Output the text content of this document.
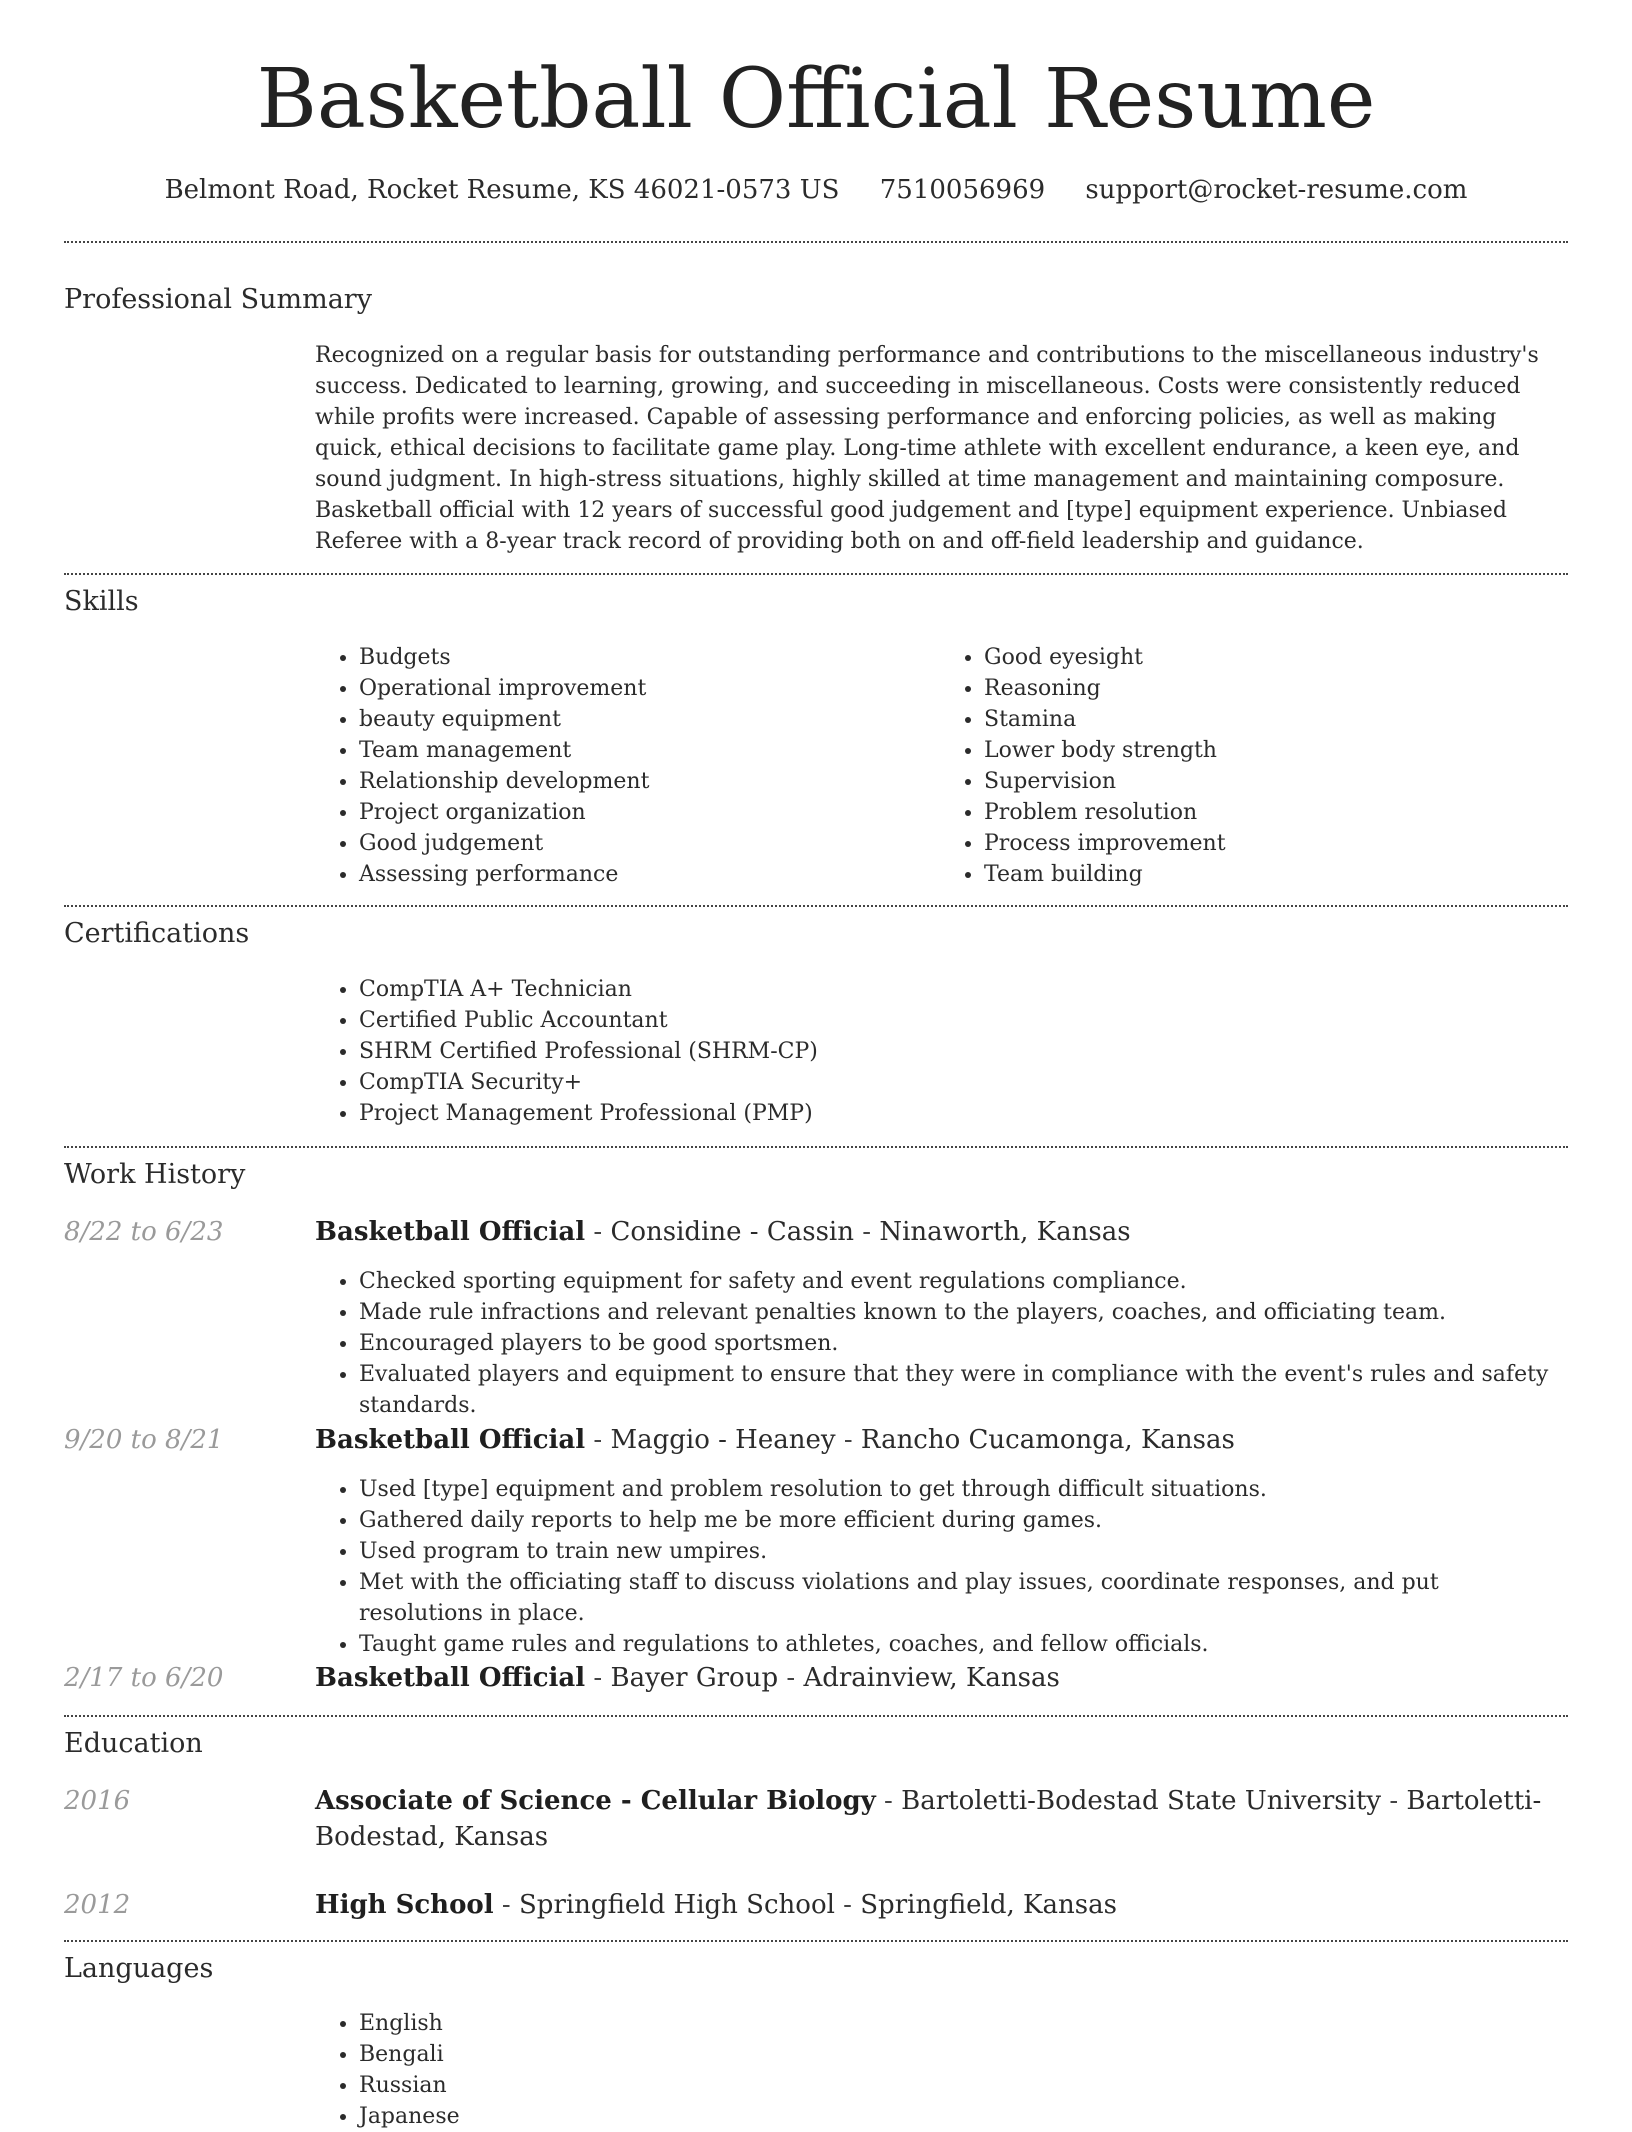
Basketball Official Resume
Belmont Road, Rocket Resume, KS 46021-0573 US 7510056969 support@rocket-resume.com
Professional Summary

Recognized on a regular basis for outstanding performance and contributions to the miscellaneous industry's success. Dedicated to learning, growing, and succeeding in miscellaneous. Costs were consistently reduced while profits were increased. Capable of assessing performance and enforcing policies, as well as making quick, ethical decisions to facilitate game play. Long-time athlete with excellent endurance, a keen eye, and sound judgment. In high-stress situations, highly skilled at time management and maintaining composure. Basketball official with 12 years of successful good judgement and [type] equipment experience. Unbiased Referee with a 8-year track record of providing both on and off-field leadership and guidance.

Skills
• Budgets
• Operational improvement
• beauty equipment
• Team management
• Relationship development
• Project organization
• Good judgement
• Assessing performance
• Good eyesight
• Reasoning
• Stamina
• Lower body strength
• Supervision
• Problem resolution
• Process improvement
• Team building
Certifications
• CompTIA A+ Technician
• Certified Public Accountant
• SHRM Certified Professional (SHRM-CP)
• CompTIA Security+
• Project Management Professional (PMP)
Work History
8/22 to 6/23	Basketball Official - Considine - Cassin - Ninaworth, Kansas
• Checked sporting equipment for safety and event regulations compliance.
• Made rule infractions and relevant penalties known to the players, coaches, and officiating team.
• Encouraged players to be good sportsmen.
• Evaluated players and equipment to ensure that they were in compliance with the event's rules and safety standards.
9/20 to 8/21	Basketball Official - Maggio - Heaney - Rancho Cucamonga, Kansas
• Used [type] equipment and problem resolution to get through difficult situations.
• Gathered daily reports to help me be more efficient during games.
• Used program to train new umpires.
• Met with the officiating staff to discuss violations and play issues, coordinate responses, and put resolutions in place.
• Taught game rules and regulations to athletes, coaches, and fellow officials.
2/17 to 6/20	Basketball Official - Bayer Group - Adrainview, Kansas
Education
2016	Associate of Science - Cellular Biology - Bartoletti-Bodestad State University - Bartoletti-Bodestad, Kansas
2012	High School - Springfield High School - Springfield, Kansas
Languages
• English
• Bengali
• Russian
• Japanese
